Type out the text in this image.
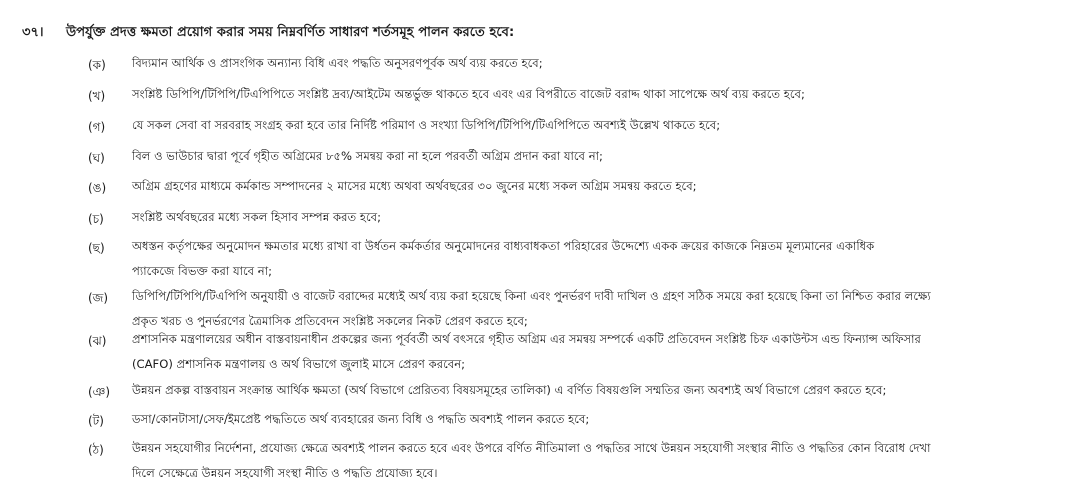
৩৭। উপর্যুক্ত প্রদত্ত ক্ষমতা প্রয়োগ করার সময় নিম্নবর্ণিত সাধারণ শর্তসমূহ পালন করতে হবে:
(ক) বিদ্যমান আর্থিক ও প্রাসংগিক অন্যান্য বিধি এবং পদ্ধতি অনুসরণপূর্বক অর্থ ব্যয় করতে হবে;
(খ) সংশ্লিষ্ট ডিপিপি/টিপিপি/টিএপিপিতে সংশ্লিষ্ট দ্রব্য/আইটেম অন্তর্ভুক্ত থাকতে হবে এবং এর বিপরীতে বাজেট বরাদ্দ থাকা সাপেক্ষে অর্থ ব্যয় করতে হবে;
(গ) যে সকল সেবা বা সরবরাহ সংগ্রহ করা হবে তার নির্দিষ্ট পরিমাণ ও সংখ্যা ডিপিপি/টিপিপি/টিএপিপিতে অবশ্যই উল্লেখ থাকতে হবে;
(ঘ) বিল ও ভাউচার দ্বারা পূর্বে গৃহীত অগ্রিমের ৮৫% সমন্বয় করা না হলে পরবর্তী অগ্রিম প্রদান করা যাবে না;
(ঙ) অগ্রিম গ্রহণের মাধ্যমে কর্মকান্ড সম্পাদনের ২ মাসের মধ্যে অথবা অর্থবছরের ৩০ জুনের মধ্যে সকল অগ্রিম সমন্বয় করতে হবে;
(চ) সংশ্লিষ্ট অর্থবছরের মধ্যে সকল হিসাব সম্পন্ন করত হবে;
(ছ) অধস্তন কর্তৃপক্ষের অনুমোদন ক্ষমতার মধ্যে রাখা বা উর্ধতন কর্মকর্তার অনুমোদনের বাধ্যবাধকতা পরিহারের উদ্দেশ্যে একক ক্রয়ের কাজকে নিম্নতম মূল্যমানের একাধিক
প্যাকেজে বিভক্ত করা যাবে না;
(জ) ডিপিপি/টিপিপি/টিএপিপি অনুযায়ী ও বাজেট বরাদ্দের মধ্যেই অর্থ ব্যয় করা হয়েছে কিনা এবং পুনর্ভরণ দাবী দাখিল ও গ্রহণ সঠিক সময়ে করা হয়েছে কিনা তা নিশ্চিত করার লক্ষ্যে
প্রকৃত খরচ ও পুনর্ভরণের ত্রৈমাসিক প্রতিবেদন সংশ্লিষ্ট সকলের নিকট প্রেরণ করতে হবে;
(ঝ) প্রশাসনিক মন্ত্রণালয়ের অধীন বাস্তবায়নাধীন প্রকল্পের জন্য পূর্ববর্তী অর্থ বৎসরে গৃহীত অগ্রিম এর সমন্বয় সম্পর্কে একটি প্রতিবেদন সংশ্লিষ্ট চিফ একাউন্টস এন্ড ফিন্যান্স অফিসার
(CAFO) প্রশাসনিক মন্ত্রণালয় ও অর্থ বিভাগে জুলাই মাসে প্রেরণ করবেন;
(ঞ) উন্নয়ন প্রকল্প বাস্তবায়ন সংক্রান্ত আর্থিক ক্ষমতা (অর্থ বিভাগে প্রেরিতব্য বিষয়সমূহের তালিকা) এ বর্ণিত বিষয়গুলি সম্মতির জন্য অবশ্যই অর্থ বিভাগে প্রেরণ করতে হবে;
(ট) ডসা/কোনটাসা/সেফ/ইমপ্রেষ্ট পদ্ধতিতে অর্থ ব্যবহারের জন্য বিধি ও পদ্ধতি অবশ্যই পালন করতে হবে;
(ঠ) উন্নয়ন সহযোগীর নির্দেশনা, প্রযোজ্য ক্ষেত্রে অবশ্যই পালন করতে হবে এবং উপরে বর্ণিত নীতিমালা ও পদ্ধতির সাথে উন্নয়ন সহযোগী সংস্থার নীতি ও পদ্ধতির কোন বিরোধ দেখা
দিলে সেক্ষেত্রে উন্নয়ন সহযোগী সংস্থা নীতি ও পদ্ধতি প্রযোজ্য হবে।
